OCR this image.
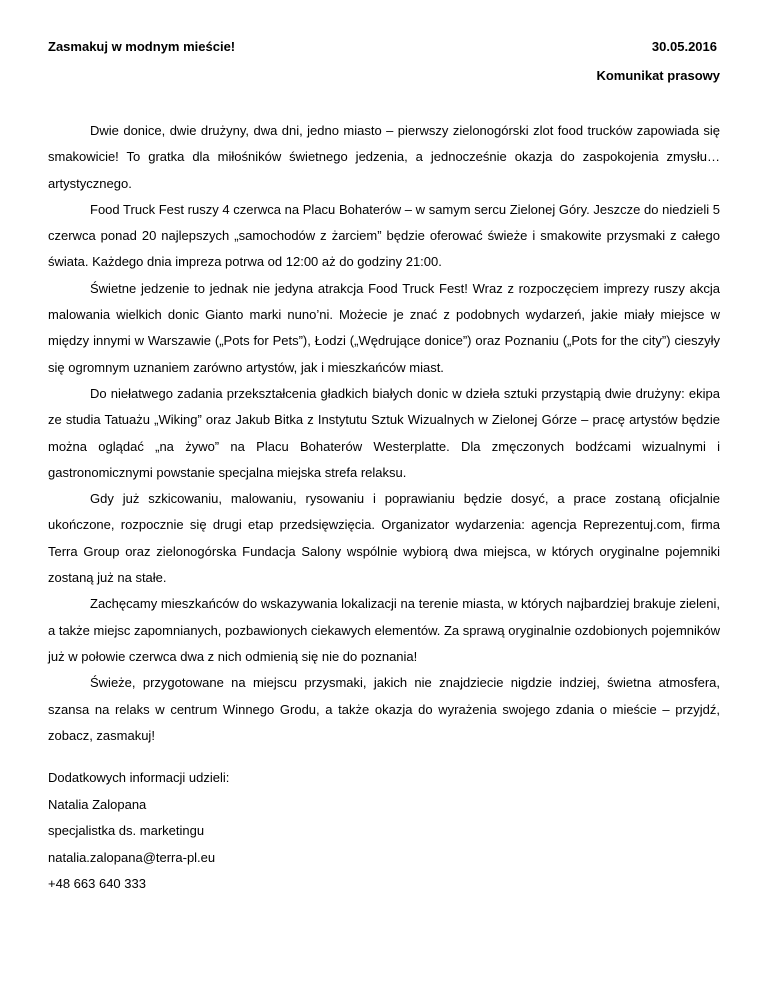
Zasmakuj w modnym mieście!	30.05.2016
Komunikat prasowy

Dwie donice, dwie drużyny, dwa dni, jedno miasto – pierwszy zielonogórski zlot food trucków zapowiada się smakowicie! To gratka dla miłośników świetnego jedzenia, a jednocześnie okazja do zaspokojenia zmysłu… artystycznego.

Food Truck Fest ruszy 4 czerwca na Placu Bohaterów – w samym sercu Zielonej Góry. Jeszcze do niedzieli 5 czerwca ponad 20 najlepszych „samochodów z żarciem” będzie oferować świeże i smakowite przysmaki z całego świata. Każdego dnia impreza potrwa od 12:00 aż do godziny 21:00.

Świetne jedzenie to jednak nie jedyna atrakcja Food Truck Fest! Wraz z rozpoczęciem imprezy ruszy akcja malowania wielkich donic Gianto marki nuno’ni. Możecie je znać z podobnych wydarzeń, jakie miały miejsce w między innymi w Warszawie („Pots for Pets”), Łodzi („Wędrujące donice”) oraz Poznaniu („Pots for the city”) cieszyły się ogromnym uznaniem zarówno artystów, jak i mieszkańców miast.

Do niełatwego zadania przekształcenia gładkich białych donic w dzieła sztuki przystąpią dwie drużyny: ekipa ze studia Tatuażu „Wiking” oraz Jakub Bitka z Instytutu Sztuk Wizualnych w Zielonej Górze – pracę artystów będzie można oglądać „na żywo” na Placu Bohaterów Westerplatte. Dla zmęczonych bodźcami wizualnymi i gastronomicznymi powstanie specjalna miejska strefa relaksu.

Gdy już szkicowaniu, malowaniu, rysowaniu i poprawianiu będzie dosyć, a prace zostaną oficjalnie ukończone, rozpocznie się drugi etap przedsięwzięcia. Organizator wydarzenia: agencja Reprezentuj.com, firma Terra Group oraz zielonogórska Fundacja Salony wspólnie wybiorą dwa miejsca, w których oryginalne pojemniki zostaną już na stałe.

Zachęcamy mieszkańców do wskazywania lokalizacji na terenie miasta, w których najbardziej brakuje zieleni, a także miejsc zapomnianych, pozbawionych ciekawych elementów. Za sprawą oryginalnie ozdobionych pojemników już w połowie czerwca dwa z nich odmienią się nie do poznania!

Świeże, przygotowane na miejscu przysmaki, jakich nie znajdziecie nigdzie indziej, świetna atmosfera, szansa na relaks w centrum Winnego Grodu, a także okazja do wyrażenia swojego zdania o mieście – przyjdź, zobacz, zasmakuj!

Dodatkowych informacji udzieli:
Natalia Zalopana
specjalistka ds. marketingu
natalia.zalopana@terra-pl.eu
+48 663 640 333
